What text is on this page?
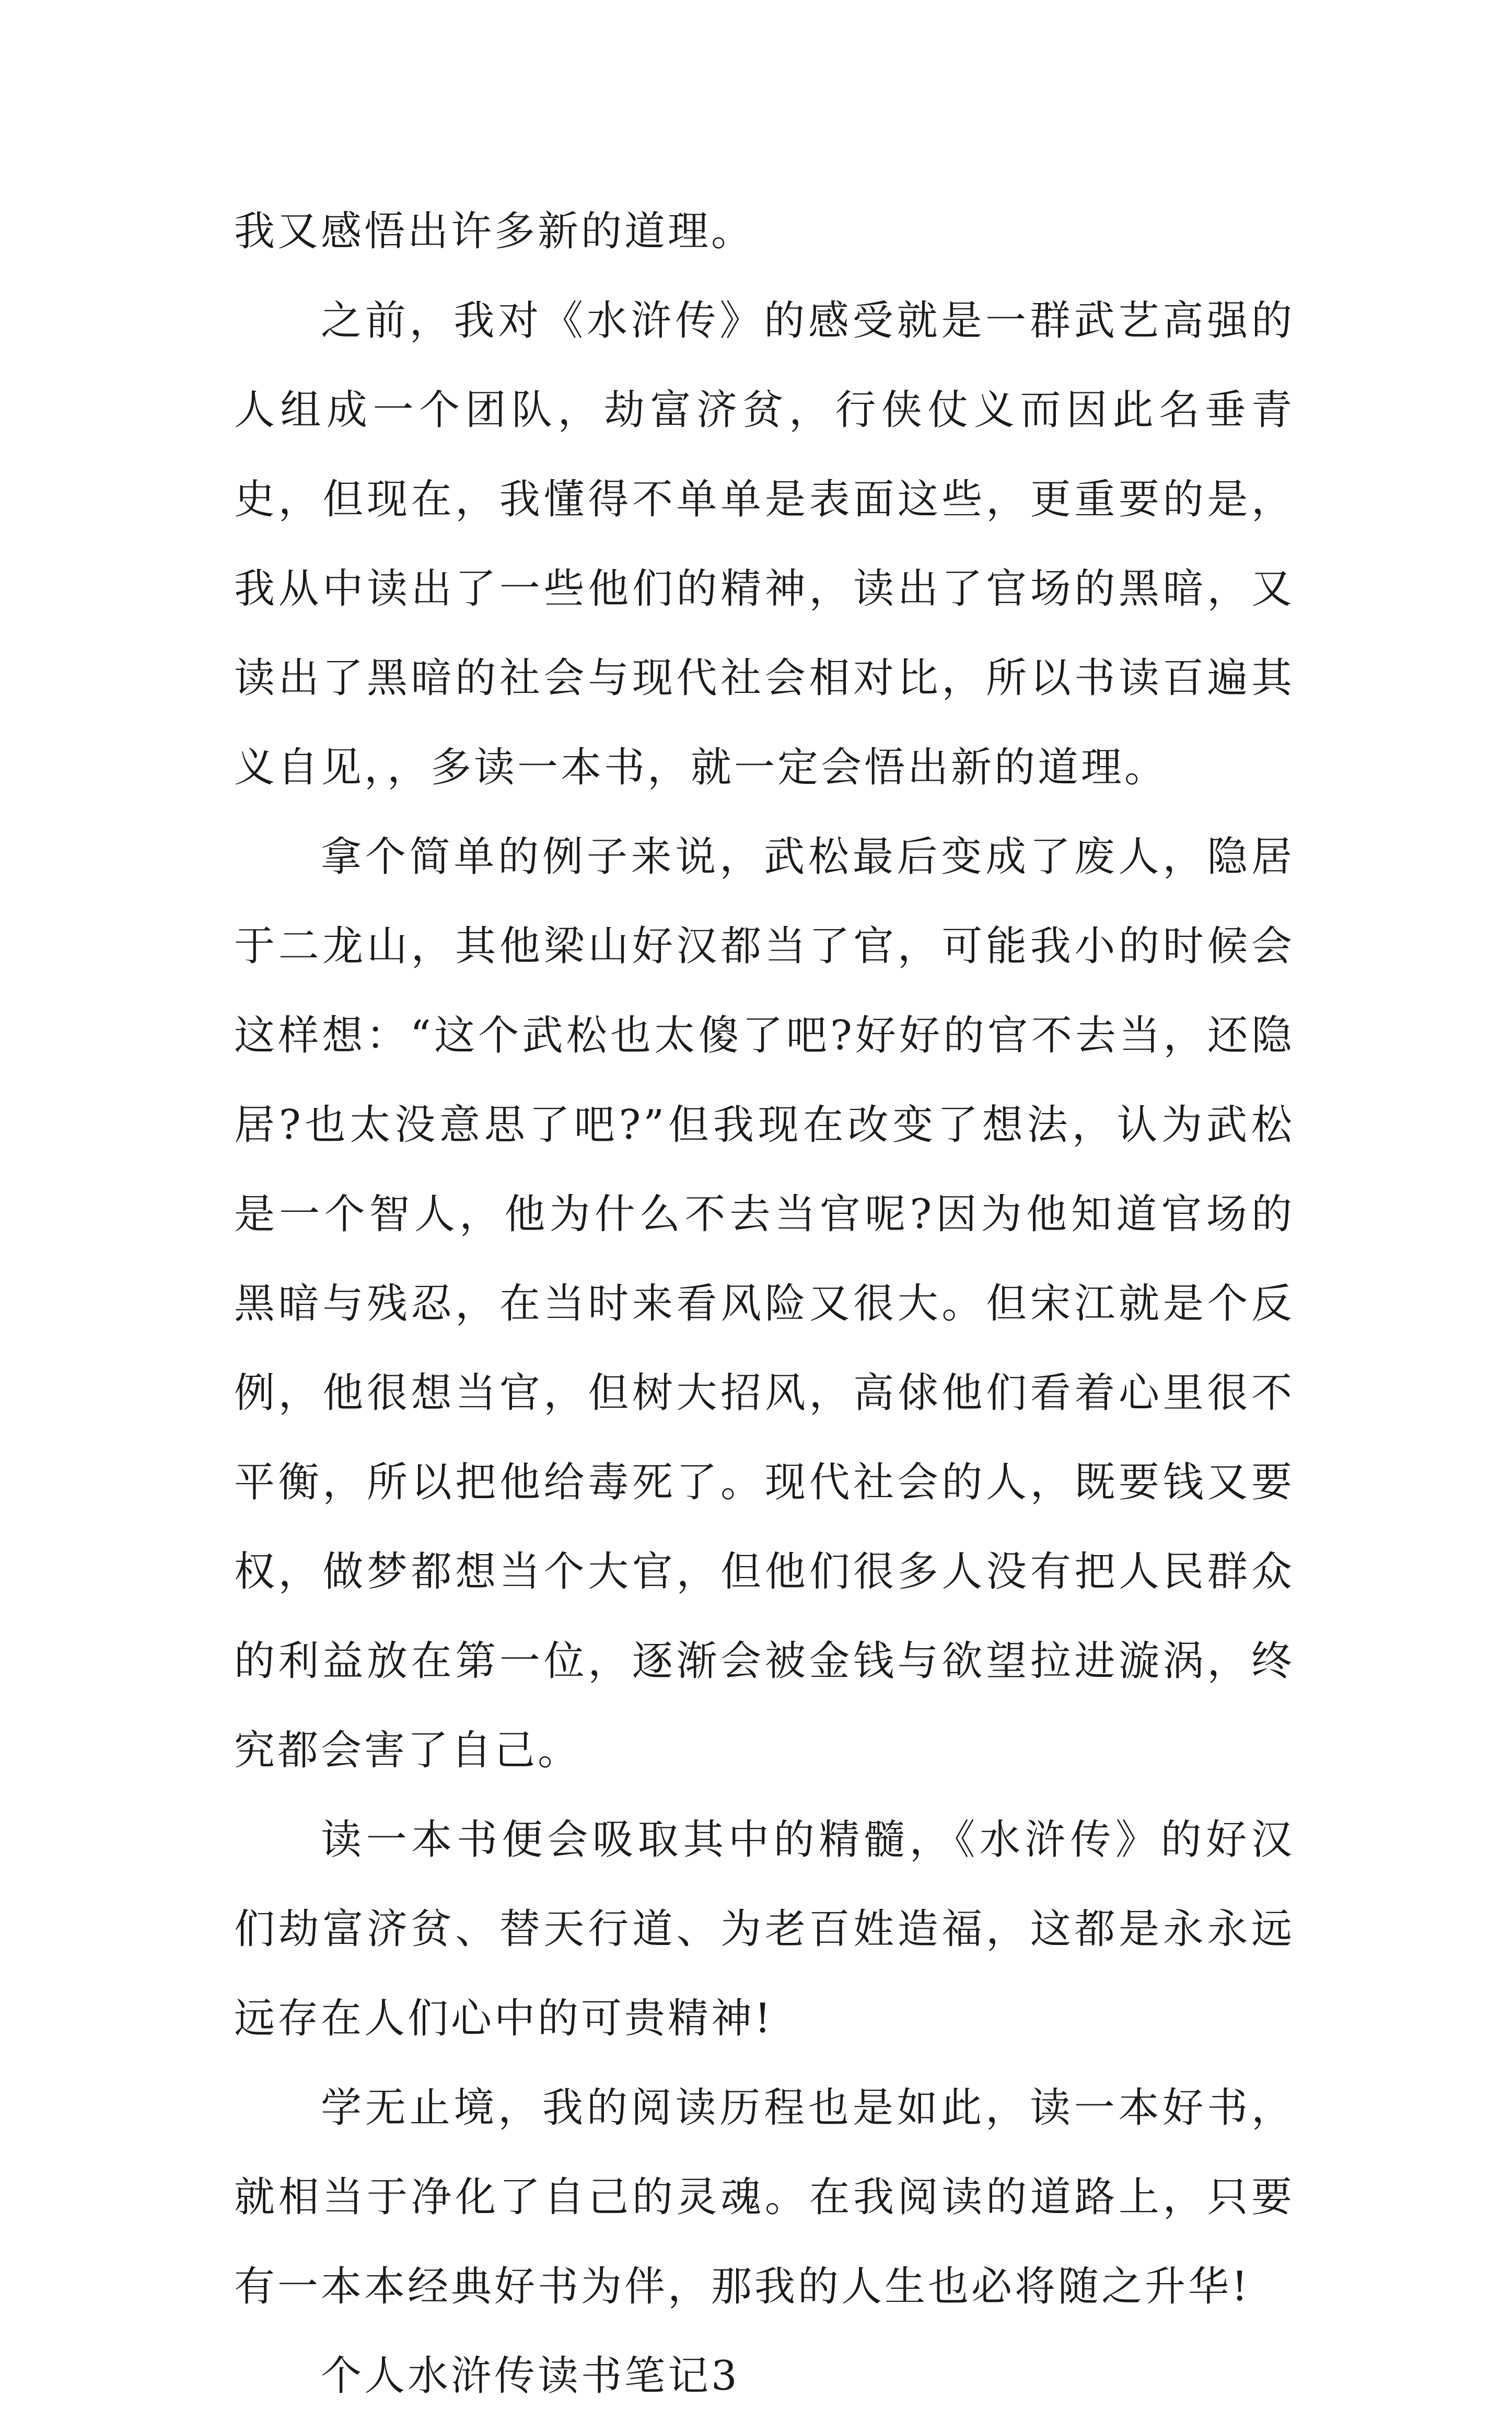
我又感悟出许多新的道理。

之前，我对《水浒传》的感受就是一群武艺高强的人组成一个团队，劫富济贫，行侠仗义而因此名垂青史，但现在，我懂得不单单是表面这些，更重要的是，我从中读出了一些他们的精神，读出了官场的黑暗，又读出了黑暗的社会与现代社会相对比，所以书读百遍其义自见，，多读一本书，就一定会悟出新的道理。

拿个简单的例子来说，武松最后变成了废人，隐居于二龙山，其他梁山好汉都当了官，可能我小的时候会这样想：“这个武松也太傻了吧?好好的官不去当，还隐居?也太没意思了吧?”但我现在改变了想法，认为武松是一个智人，他为什么不去当官呢?因为他知道官场的黑暗与残忍，在当时来看风险又很大。但宋江就是个反例，他很想当官，但树大招风，高俅他们看着心里很不平衡，所以把他给毒死了。现代社会的人，既要钱又要权，做梦都想当个大官，但他们很多人没有把人民群众的利益放在第一位，逐渐会被金钱与欲望拉进漩涡，终究都会害了自己。

读一本书便会吸取其中的精髓，《水浒传》的好汉们劫富济贫、替天行道、为老百姓造福，这都是永永远远存在人们心中的可贵精神!

学无止境，我的阅读历程也是如此，读一本好书，就相当于净化了自己的灵魂。在我阅读的道路上，只要有一本本经典好书为伴，那我的人生也必将随之升华!

个人水浒传读书笔记3
